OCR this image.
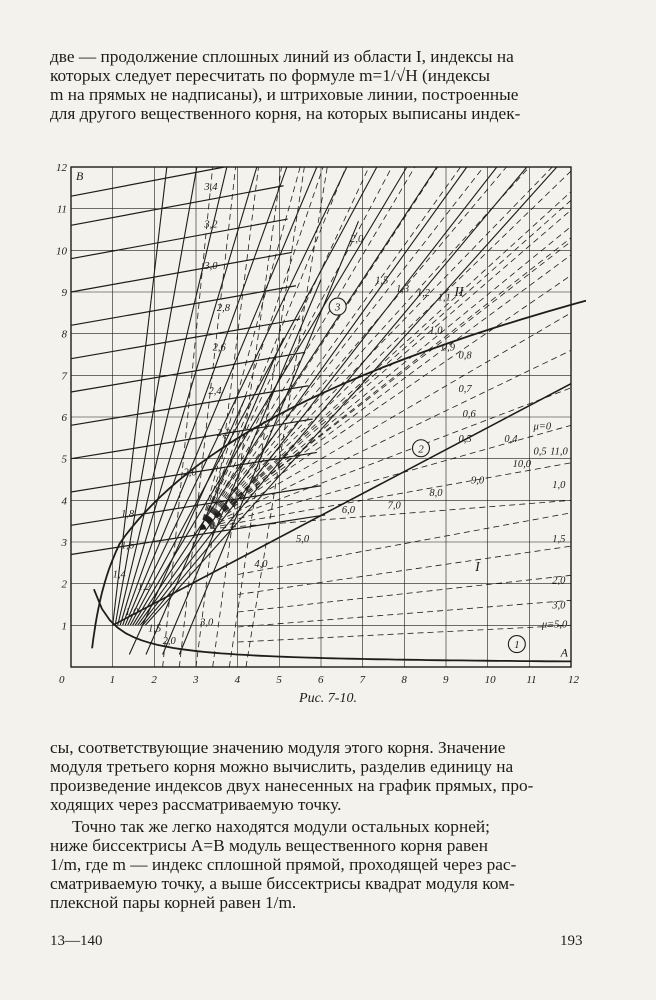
две — продолжение сплошных линий из области I, индексы на
которых следует пересчитать по формуле m=1/√H (индексы
m на прямых не надписаны), и штриховые линии, построенные
для другого вещественного корня, на которых выписаны индек-

3,4
3,2
3,0
2,8
2,6
2,4
2,2
2,0
1,8
1,6
1,4
1,2
1,0
1,5
2,0
3,0
2,0
1,5
1,3 1,2 1,1
1,0
0,9
0,8
0,7
0,6
0,5	0,4
μ=0
4,0
5,0
6,0	7,0
8,0
9,0
10,0
11,0
0,5
1,0
1,5
2,0
3,0
μ=5,0
I
II
1
2
3
0	1	2	3	4	5	6	7	8	9	10	11	12
1
2
3
4
5
6
7
8
9
10
11
12
B
A
Рис. 7-10.

сы, соответствующие значению модуля этого корня. Значение
модуля третьего корня можно вычислить, разделив единицу на
произведение индексов двух нанесенных на график прямых, про-
ходящих через рассматриваемую точку.

Точно так же легко находятся модули остальных корней;
ниже биссектрисы A=B модуль вещественного корня равен
1/m, где m — индекс сплошной прямой, проходящей через рас-
сматриваемую точку, а выше биссектрисы квадрат модуля ком-
плексной пары корней равен 1/m.

13—140	193
